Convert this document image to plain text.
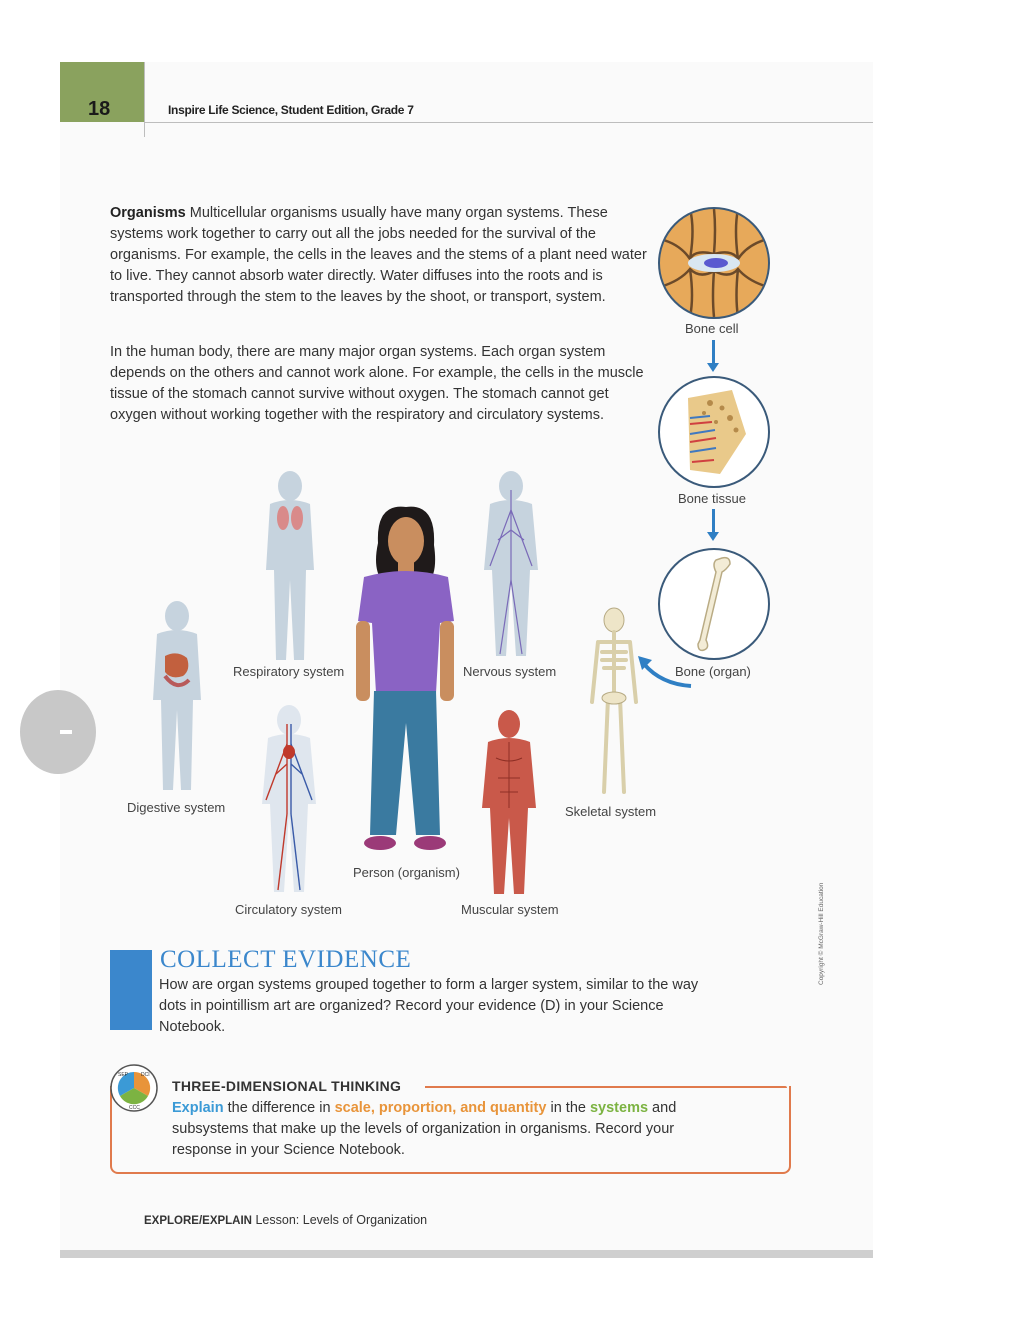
18	Inspire Life Science, Student Edition, Grade 7
Organisms Multicellular organisms usually have many organ systems. These systems work together to carry out all the jobs needed for the survival of the organisms. For example, the cells in the leaves and the stems of a plant need water to live. They cannot absorb water directly. Water diffuses into the roots and is transported through the stem to the leaves by the shoot, or transport, system.
In the human body, there are many major organ systems. Each organ system depends on the others and cannot work alone. For example, the cells in the muscle tissue of the stomach cannot survive without oxygen. The stomach cannot get oxygen without working together with the respiratory and circulatory systems.
Bone cell
Bone tissue
Bone (organ)
Respiratory system	Nervous system
Digestive system	Skeletal system
Circulatory system	Muscular system
Person (organism)
COLLECT EVIDENCE
How are organ systems grouped together to form a larger system, similar to the way dots in pointillism art are organized? Record your evidence (D) in your Science Notebook.
SEP	DCI
CCC
THREE-DIMENSIONAL THINKING
Explain the difference in scale, proportion, and quantity in the systems and subsystems that make up the levels of organization in organisms. Record your response in your Science Notebook.
EXPLORE/EXPLAIN Lesson: Levels of Organization
Copyright © McGraw-Hill Education
